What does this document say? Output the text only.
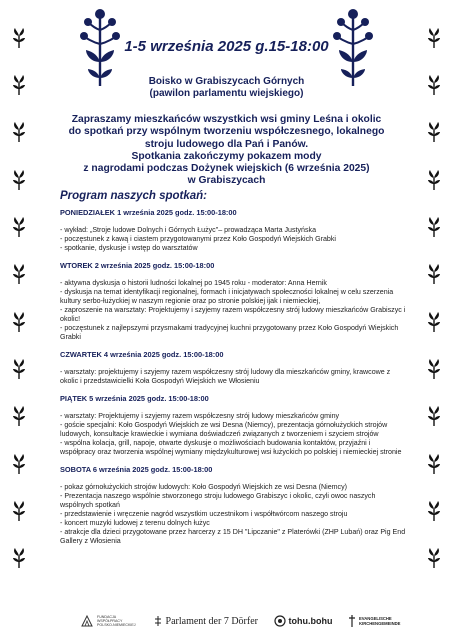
1-5 września 2025 g.15-18:00
Boisko w Grabiszycach Górnych
(pawilon parlamentu wiejskiego)
Zapraszamy mieszkańców wszystkich wsi gminy Leśna i okolic
do spotkań przy wspólnym tworzeniu współczesnego, lokalnego
stroju ludowego dla Pań i Panów.
Spotkania zakończymy pokazem mody
z nagrodami podczas Dożynek wiejskich (6 września 2025)
w Grabiszycach
Program naszych spotkań:
PONIEDZIAŁEK 1 września 2025 godz. 15:00-18:00
- wykład: „Stroje ludowe Dolnych i Górnych Łużyc"– prowadząca Marta Justyńska
- poczęstunek z kawą i ciastem przygotowanymi przez Koło Gospodyń Wiejskich Grabki
- spotkanie, dyskusje i wstęp do warsztatów
WTOREK 2 września 2025 godz. 15:00-18:00
- aktywna dyskusja o historii ludności lokalnej po 1945 roku - moderator: Anna Hernik
- dyskusja na temat identyfikacji regionalnej, formach i inicjatywach społeczności lokalnej w celu szerzenia kultury serbo-łużyckiej w naszym regionie oraz po stronie polskiej ijak i niemieckiej,
- zaproszenie na warsztaty: Projektujemy i szyjemy razem współczesny strój ludowy mieszkańców Grabiszyc i okolic!
- poczęstunek z najlepszymi przysmakami tradycyjnej kuchni przygotowany przez Koło Gospodyń Wiejskich Grabki
CZWARTEK 4 września 2025 godz. 15:00-18:00
- warsztaty: projektujemy i szyjemy razem współczesny strój ludowy dla mieszkańców gminy, krawcowe z okolic i przedstawicielki Koła Gospodyń Wiejskich we Włosieniu
PIĄTEK 5 września 2025 godz. 15:00-18:00
- warsztaty: Projektujemy i szyjemy razem współczesny strój ludowy mieszkańców gminy
- goście specjalni: Koło Gospodyń Wiejskich ze wsi Desna (Niemcy), prezentacja górnołużyckich strojów ludowych, konsultacje krawieckie i wymiana doświadczeń związanych z tworzeniem i szyciem strojów
- wspólna kolacja, grill, napoje, otwarte dyskusje o możliwościach budowania kontaktów, przyjaźni i współpracy oraz tworzenia wspólnej wymiany międzykulturowej wsi łużyckich po polskiej i niemieckiej stronie
SOBOTA 6 września 2025 godz. 15:00-18:00
- pokaz górnołużyckich strojów ludowych: Koło Gospodyń Wiejskich ze wsi Desna (Niemcy)
- Prezentacja naszego wspólnie stworzonego stroju ludowego Grabiszyc i okolic, czyli owoc naszych wspólnych spotkań
- przedstawienie i wręczenie nagród wszystkim uczestnikom i współtwórcom naszego stroju
- koncert muzyki ludowej z terenu dolnych łużyc
- atrakcje dla dzieci przygotowane przez harcerzy z 15 DH "Lipczanie" z Platerówki (ZHP Lubań) oraz Pig End Gallery z Włosienia
FUNDACJA WSPÓŁPRACY POLSKO-NIEMIECKIEJ	Parlament der 7 Dörfer	tohu.bohu	EVANGELISCHE KIRCHENGEMEINDE
